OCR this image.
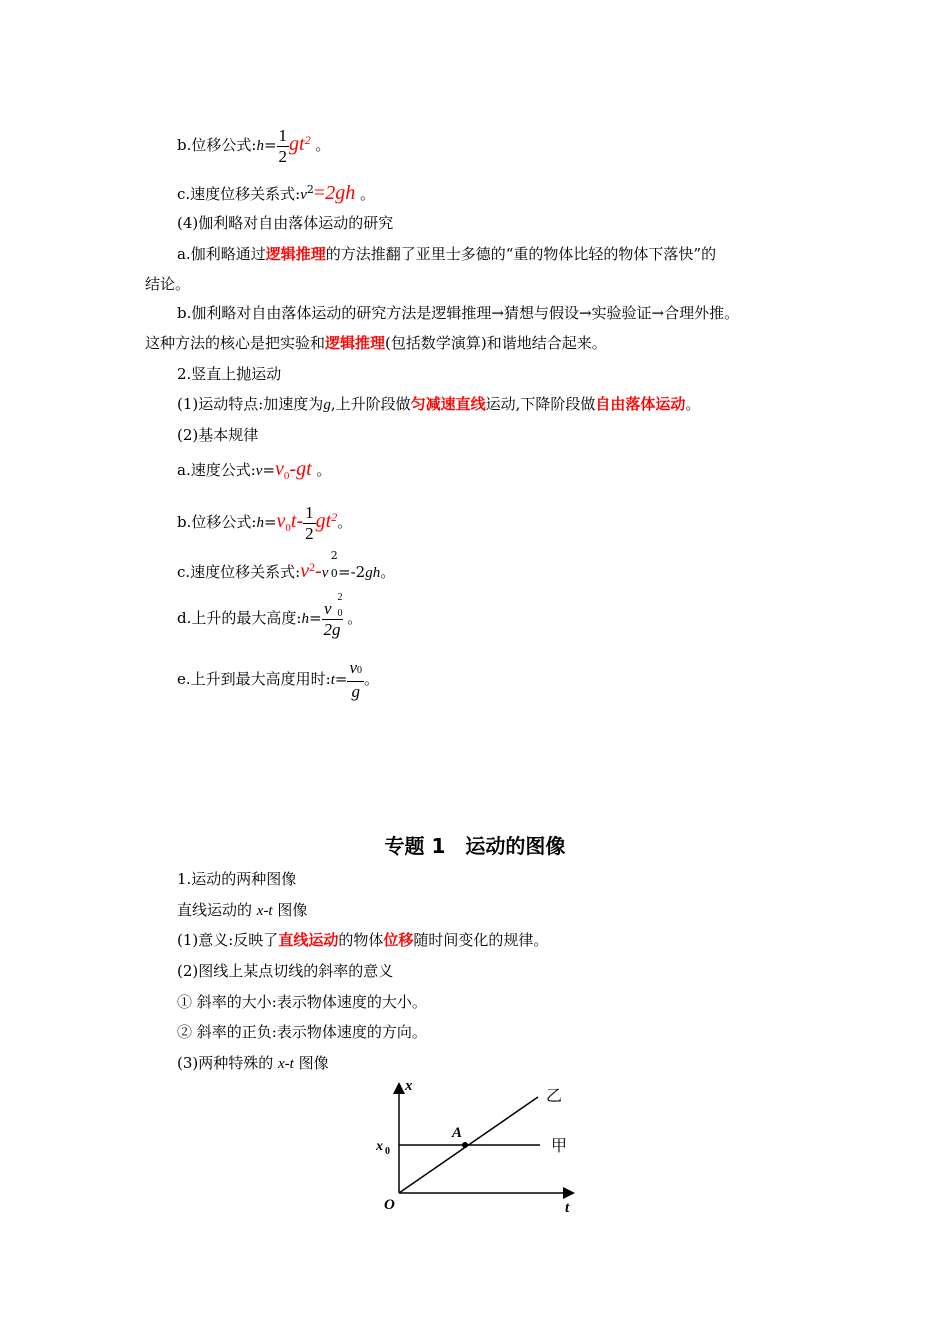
b.位移公式:h= $\frac{1}{2} gt^2$ 。
c.速度位移关系式$:v^2=2gh$ 。
(4)伽利略对自由落体运动的研究
a.伽利略通过逻辑推理的方法推翻了亚里士多德的“重的物体比轻的物体下落快”的
结论。
b.伽利略对自由落体运动的研究方法是逻辑推理→猜想与假设→实验验证→合理外推。
这种方法的核心是把实验和逻辑推理(包括数学演算)和谐地结合起来。
2.竖直上抛运动
(1)运动特点:加速度为g,上升阶段做匀减速直线运动,下降阶段做自由落体运动。
(2)基本规律
a.速度公式$:v=v_0-gt$ 。
b.位移公式$:h=v_0t- \frac{1}{2} gt^2$。
c.速度位移关系式$:v^2-v$
2
0 =-2gh。
d.上升的最大高度:h= v
2
0

2g 。
e.上升到最大高度用时:t= $\frac{v0}{g}$ 。
专题 1　运动的图像
1.运动的两种图像
直线运动的 x-t 图像
(1)意义:反映了直线运动的物体位移随时间变化的规律。
(2)图线上某点切线的斜率的意义
① 斜率的大小:表示物体速度的大小。
② 斜率的正负:表示物体速度的方向。
(3)两种特殊的 x-t 图像
x
t
O
A
x 0
乙
甲
